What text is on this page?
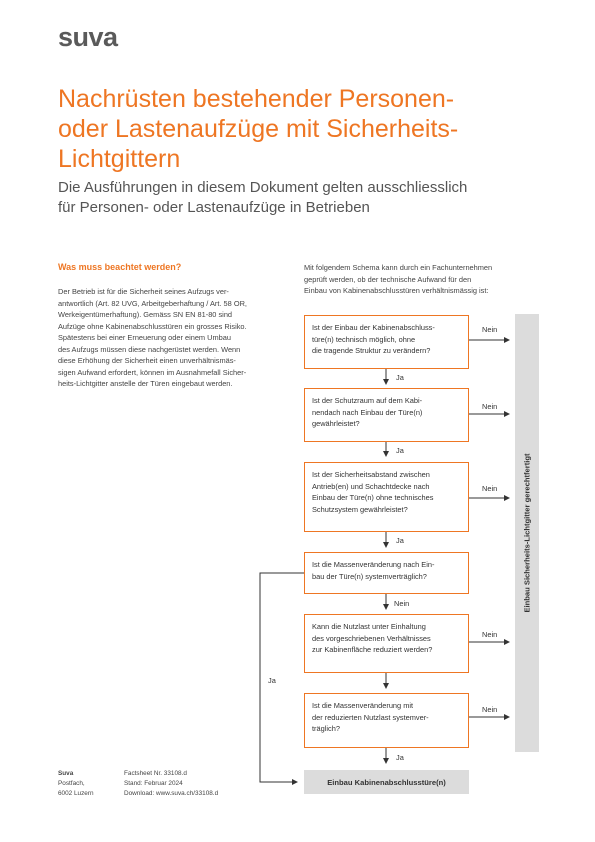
suva
Nachrüsten bestehender Personen-
oder Lastenaufzüge mit Sicherheits-
Lichtgittern
Die Ausführungen in diesem Dokument gelten ausschliesslich
für Personen- oder Lastenaufzüge in Betrieben
Was muss beachtet werden?
Der Betrieb ist für die Sicherheit seines Aufzugs ver-
antwortlich (Art. 82 UVG, Arbeitgeberhaftung / Art. 58 OR,
Werkeigentümerhaftung). Gemäss SN EN 81-80 sind
Aufzüge ohne Kabinenabschlusstüren ein grosses Risiko.
Spätestens bei einer Erneuerung oder einem Umbau
des Aufzugs müssen diese nachgerüstet werden. Wenn
diese Erhöhung der Sicherheit einen unverhältnismäs-
sigen Aufwand erfordert, können im Ausnahmefall Sicher-
heits-Lichtgitter anstelle der Türen eingebaut werden.
Mit folgendem Schema kann durch ein Fachunternehmen
geprüft werden, ob der technische Aufwand für den
Einbau von Kabinenabschlusstüren verhältnismässig ist:
Ist der Einbau der Kabinenabschluss-
türe(n) technisch möglich, ohne
die tragende Struktur zu verändern?
Ist der Schutzraum auf dem Kabi-
nendach nach Einbau der Türe(n)
gewährleistet?
Ist der Sicherheitsabstand zwischen
Antrieb(en) und Schachtdecke nach
Einbau der Türe(n) ohne technisches
Schutzsystem gewährleistet?
Ist die Massenveränderung nach Ein-
bau der Türe(n) systemverträglich?
Kann die Nutzlast unter Einhaltung
des vorgeschriebenen Verhältnisses
zur Kabinenfläche reduziert werden?
Ist die Massenveränderung mit
der reduzierten Nutzlast systemver-
träglich?
Ja
Ja
Ja
Ja
Ja
Nein
Nein
Nein
Nein
Nein
Nein
Einbau Sicherheits-Lichtgitter gerechtfertigt
Einbau Kabinenabschlusstüre(n)
Suva
Postfach,
6002 Luzern
Factsheet Nr. 33108.d
Stand: Februar 2024
Download: www.suva.ch/33108.d
